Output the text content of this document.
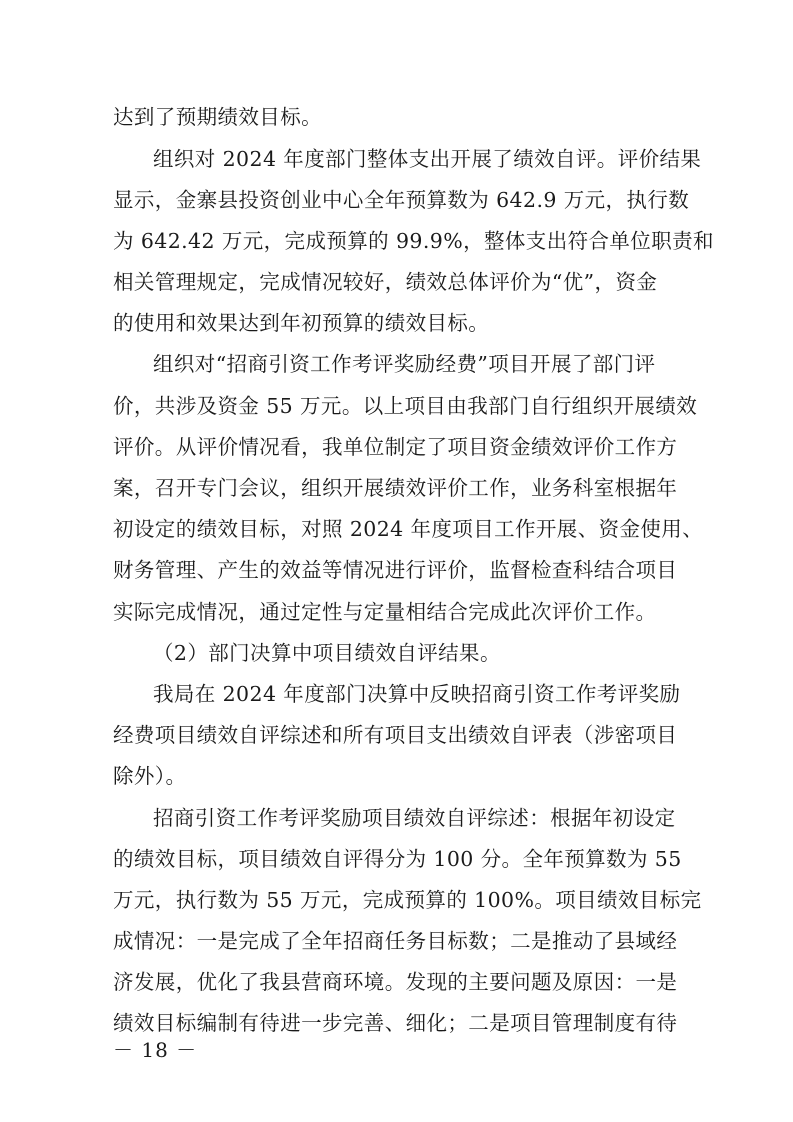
达到了预期绩效目标。
组织对 2024 年度部门整体支出开展了绩效自评。评价结果
显示，金寨县投资创业中心全年预算数为 642.9 万元，执行数
为 642.42 万元，完成预算的 99.9%，整体支出符合单位职责和
相关管理规定，完成情况较好，绩效总体评价为“优”，资金
的使用和效果达到年初预算的绩效目标。
组织对“招商引资工作考评奖励经费”项目开展了部门评
价，共涉及资金 55 万元。以上项目由我部门自行组织开展绩效
评价。从评价情况看，我单位制定了项目资金绩效评价工作方
案，召开专门会议，组织开展绩效评价工作，业务科室根据年
初设定的绩效目标，对照 2024 年度项目工作开展、资金使用、
财务管理、产生的效益等情况进行评价，监督检查科结合项目
实际完成情况，通过定性与定量相结合完成此次评价工作。
（2）部门决算中项目绩效自评结果。
我局在 2024 年度部门决算中反映招商引资工作考评奖励
经费项目绩效自评综述和所有项目支出绩效自评表（涉密项目
除外）。
招商引资工作考评奖励项目绩效自评综述：根据年初设定
的绩效目标，项目绩效自评得分为 100 分。全年预算数为 55
万元，执行数为 55 万元，完成预算的 100%。项目绩效目标完
成情况：一是完成了全年招商任务目标数；二是推动了县域经
济发展，优化了我县营商环境。发现的主要问题及原因：一是
绩效目标编制有待进一步完善、细化；二是项目管理制度有待
－ 18 －
